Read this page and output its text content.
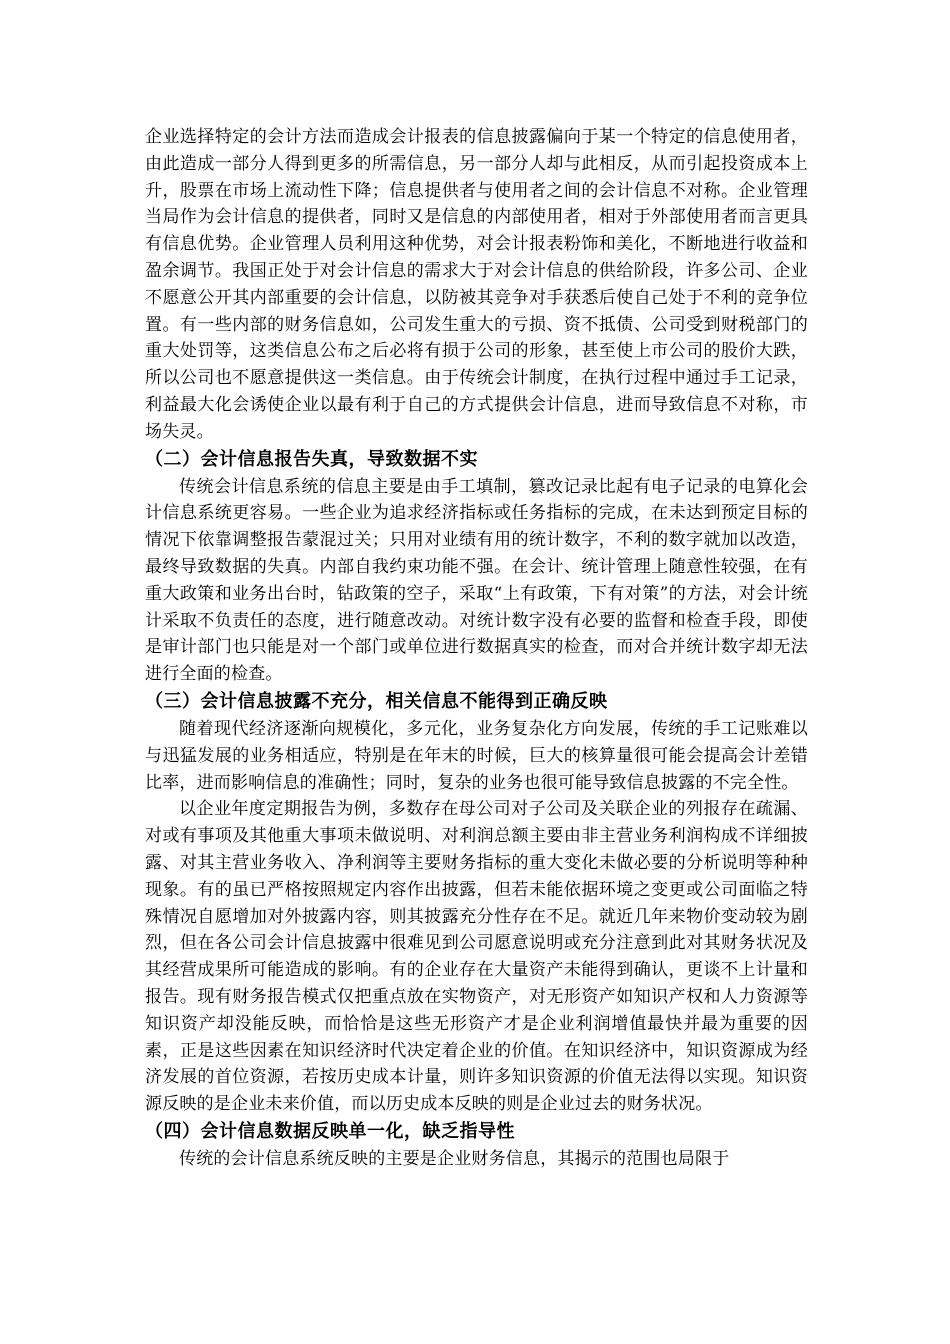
企业选择特定的会计方法而造成会计报表的信息披露偏向于某一个特定的信息使用者，由此造成一部分人得到更多的所需信息，另一部分人却与此相反，从而引起投资成本上升，股票在市场上流动性下降；信息提供者与使用者之间的会计信息不对称。企业管理当局作为会计信息的提供者，同时又是信息的内部使用者，相对于外部使用者而言更具有信息优势。企业管理人员利用这种优势，对会计报表粉饰和美化，不断地进行收益和盈余调节。我国正处于对会计信息的需求大于对会计信息的供给阶段，许多公司、企业不愿意公开其内部重要的会计信息，以防被其竞争对手获悉后使自己处于不利的竞争位置。有一些内部的财务信息如，公司发生重大的亏损、资不抵债、公司受到财税部门的重大处罚等，这类信息公布之后必将有损于公司的形象，甚至使上市公司的股价大跌，所以公司也不愿意提供这一类信息。由于传统会计制度，在执行过程中通过手工记录，利益最大化会诱使企业以最有利于自己的方式提供会计信息，进而导致信息不对称，市场失灵。

（二）会计信息报告失真，导致数据不实

传统会计信息系统的信息主要是由手工填制，篡改记录比起有电子记录的电算化会计信息系统更容易。一些企业为追求经济指标或任务指标的完成，在未达到预定目标的情况下依靠调整报告蒙混过关；只用对业绩有用的统计数字，不利的数字就加以改造，最终导致数据的失真。内部自我约束功能不强。在会计、统计管理上随意性较强，在有重大政策和业务出台时，钻政策的空子，采取“上有政策，下有对策”的方法，对会计统计采取不负责任的态度，进行随意改动。对统计数字没有必要的监督和检查手段，即使是审计部门也只能是对一个部门或单位进行数据真实的检查，而对合并统计数字却无法进行全面的检查。

（三）会计信息披露不充分，相关信息不能得到正确反映

随着现代经济逐渐向规模化，多元化，业务复杂化方向发展，传统的手工记账难以与迅猛发展的业务相适应，特别是在年末的时候，巨大的核算量很可能会提高会计差错比率，进而影响信息的准确性；同时，复杂的业务也很可能导致信息披露的不完全性。

以企业年度定期报告为例，多数存在母公司对子公司及关联企业的列报存在疏漏、对或有事项及其他重大事项未做说明、对利润总额主要由非主营业务利润构成不详细披露、对其主营业务收入、净利润等主要财务指标的重大变化未做必要的分析说明等种种现象。有的虽已严格按照规定内容作出披露，但若未能依据环境之变更或公司面临之特殊情况自愿增加对外披露内容，则其披露充分性存在不足。就近几年来物价变动较为剧烈，但在各公司会计信息披露中很难见到公司愿意说明或充分注意到此对其财务状况及其经营成果所可能造成的影响。有的企业存在大量资产未能得到确认，更谈不上计量和报告。现有财务报告模式仅把重点放在实物资产，对无形资产如知识产权和人力资源等知识资产却没能反映，而恰恰是这些无形资产才是企业利润增值最快并最为重要的因素，正是这些因素在知识经济时代决定着企业的价值。在知识经济中，知识资源成为经济发展的首位资源，若按历史成本计量，则许多知识资源的价值无法得以实现。知识资源反映的是企业未来价值，而以历史成本反映的则是企业过去的财务状况。

（四）会计信息数据反映单一化，缺乏指导性

传统的会计信息系统反映的主要是企业财务信息，其揭示的范围也局限于
